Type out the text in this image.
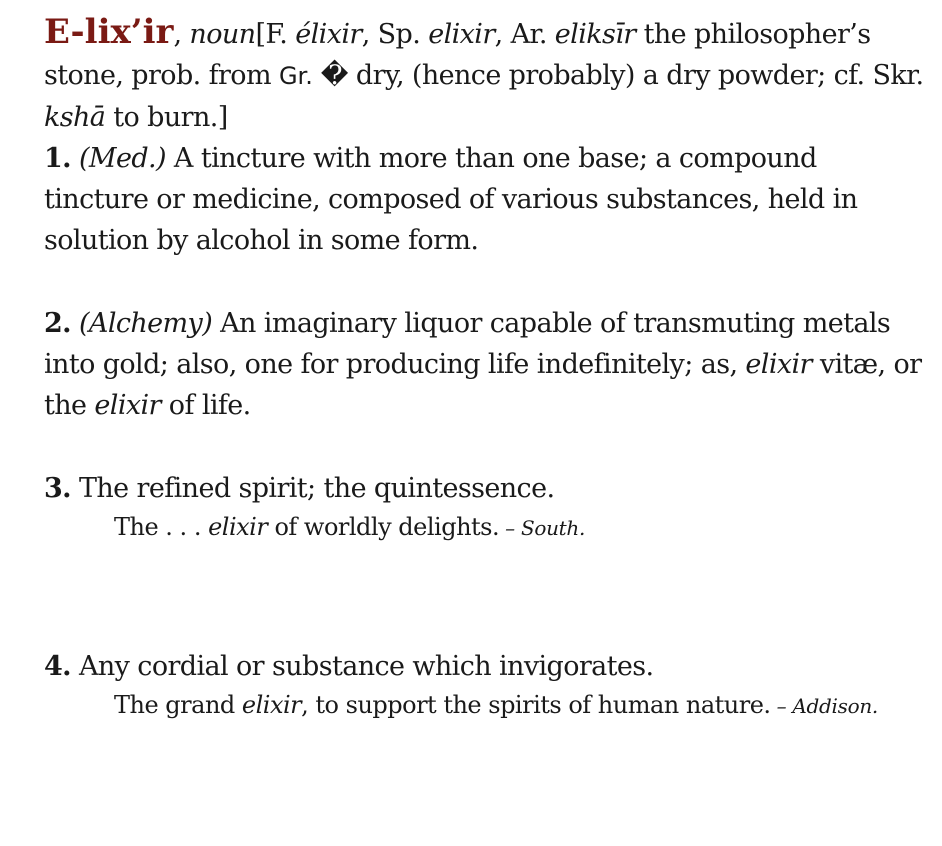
E-lix’ir, noun[F. élixir, Sp. elixir, Ar. eliksīr the philosopher’s stone, prob. from Gr. � dry, (hence probably) a dry powder; cf. Skr. kshā to burn.]

1. (Med.) A tincture with more than one base; a compound tincture or medicine, composed of various substances, held in solution by alcohol in some form.

2. (Alchemy) An imaginary liquor capable of transmuting metals into gold; also, one for producing life indefinitely; as, elixir vitæ, or the elixir of life.

3. The refined spirit; the quintessence.

The . . . elixir of worldly delights. – South.

4. Any cordial or substance which invigorates.

The grand elixir, to support the spirits of human nature. – Addison.
